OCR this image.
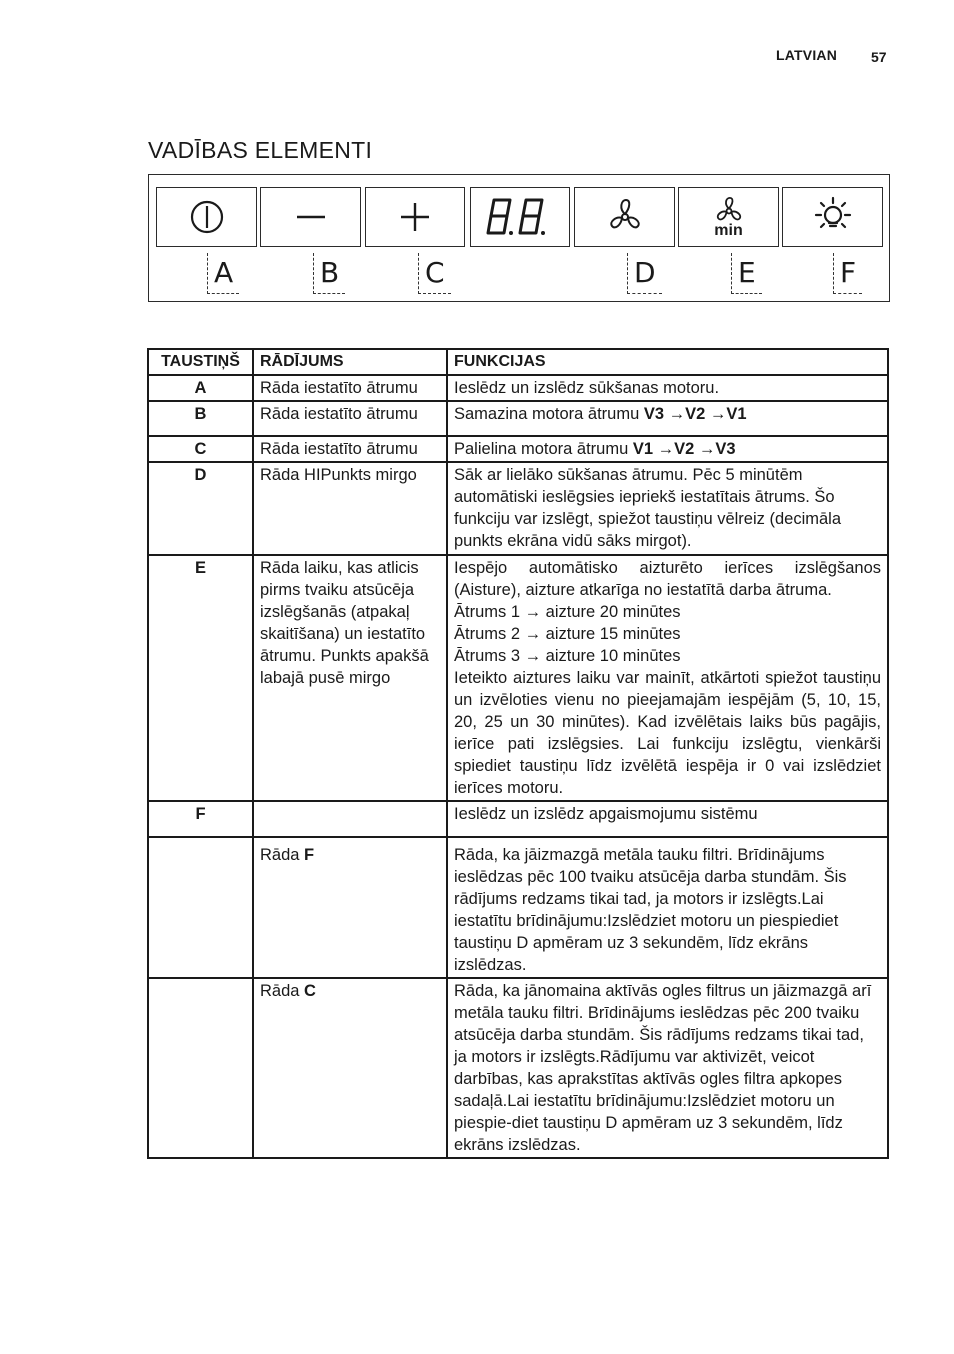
LATVIAN 57
VADĪBAS ELEMENTI
min
A	B	C	D	E	F
TAUSTIŅŠ	RĀDĪJUMS	FUNKCIJAS
A	Rāda iestatīto ātrumu	Ieslēdz un izslēdz sūkšanas motoru.
B	Rāda iestatīto ātrumu	Samazina motora ātrumu V3 →V2 →V1
C	Rāda iestatīto ātrumu	Palielina motora ātrumu V1 →V2 →V3
D	Rāda HIPunkts mirgo	Sāk ar lielāko sūkšanas ātrumu. Pēc 5 minūtēm automātiski ieslēgsies iepriekš iestatītais ātrums. Šo funkciju var izslēgt, spiežot taustiņu vēlreiz (decimāla punkts ekrāna vidū sāks mirgot).
E	Rāda laiku, kas atlicis pirms tvaiku atsūcēja izslēgšanās (atpakaļ skaitīšana) un iestatīto ātrumu. Punkts apakšā labajā pusē mirgo	Iespējo automātisko aizturēto ierīces izslēgšanos (Aisture), aizture atkarīga no iestatītā darba ātruma.
Ātrums 1 → aizture 20 minūtes
Ātrums 2 → aizture 15 minūtes
Ātrums 3 → aizture 10 minūtes
Ieteikto aiztures laiku var mainīt, atkārtoti spiežot taustiņu un izvēloties vienu no pieejamajām iespējām (5, 10, 15, 20, 25 un 30 minūtes). Kad izvēlētais laiks būs pagājis, ierīce pati izslēgsies. Lai funkciju izslēgtu, vienkārši spiediet taustiņu līdz izvēlētā iespēja ir 0 vai izslēdziet ierīces motoru.

F		Ieslēdz un izslēdz apgaismojumu sistēmu
	Rāda F	Rāda, ka jāizmazgā metāla tauku filtri. Brīdinājums ieslēdzas pēc 100 tvaiku atsūcēja darba stundām. Šis rādījums redzams tikai tad, ja motors ir izslēgts.Lai iestatītu brīdinājumu:Izslēdziet motoru un piespiediet taustiņu D apmēram uz 3 sekundēm, līdz ekrāns izslēdzas.
	Rāda C	Rāda, ka jānomaina aktīvās ogles filtrus un jāizmazgā arī metāla tauku filtri. Brīdinājums ieslēdzas pēc 200 tvaiku atsūcēja darba stundām. Šis rādījums redzams tikai tad, ja motors ir izslēgts.Rādījumu var aktivizēt, veicot darbības, kas aprakstītas aktīvās ogles filtra apkopes sadaļā.Lai iestatītu brīdinājumu:Izslēdziet motoru un piespie-diet taustiņu D apmēram uz 3 sekundēm, līdz ekrāns izslēdzas.
